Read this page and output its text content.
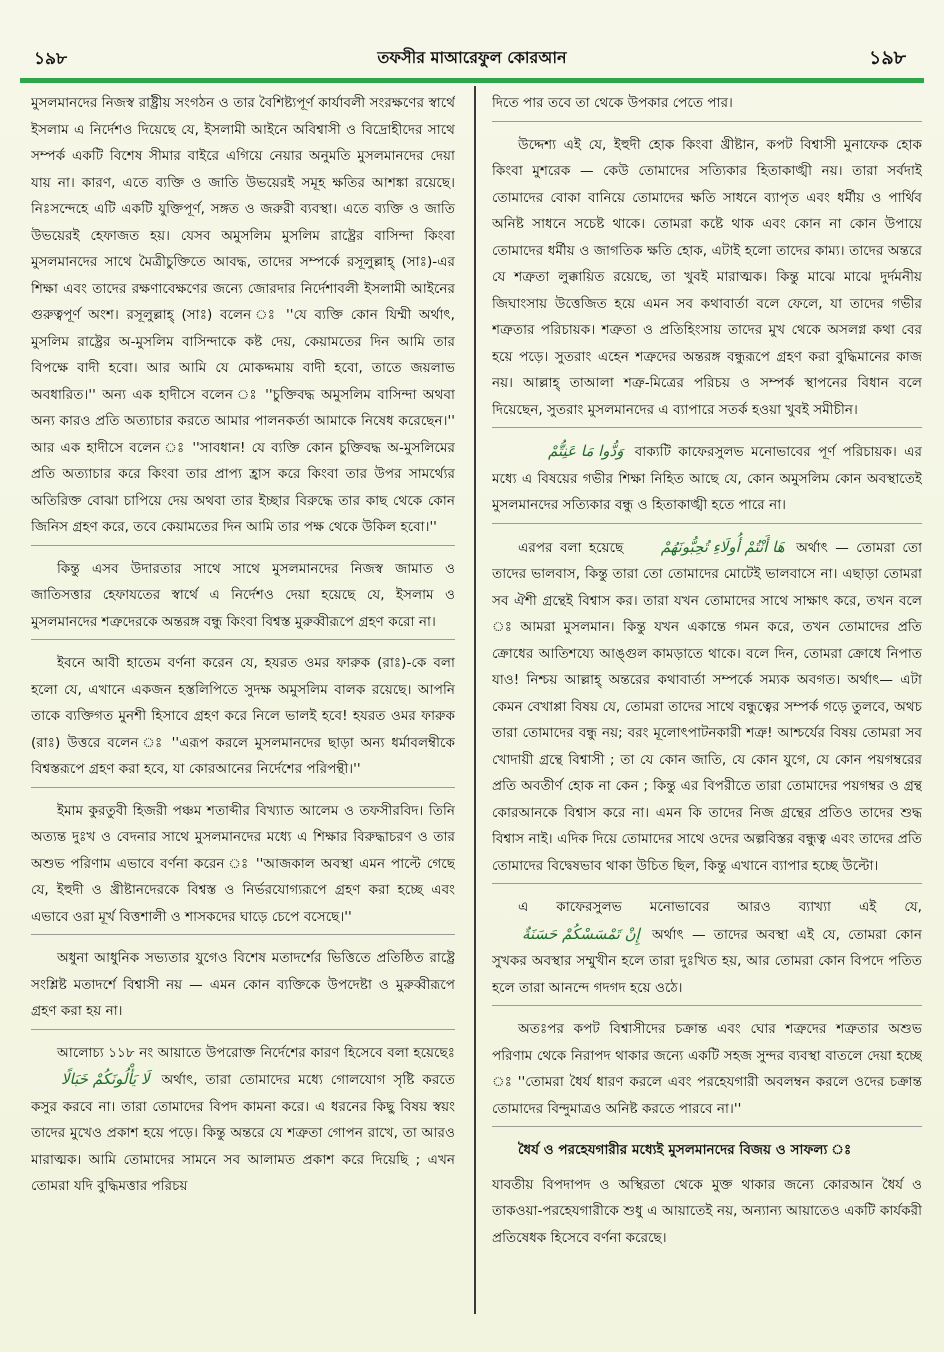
১৯৮	তফসীর মাআরেফুল কোরআন	১৯৮

মুসলমানদের নিজস্ব রাষ্ট্রীয় সংগঠন ও তার বৈশিষ্ট্যপূর্ণ কার্যাবলী সংরক্ষণের স্বার্থে ইসলাম এ নির্দেশও দিয়েছে যে, ইসলামী আইনে অবিশ্বাসী ও বিদ্রোহীদের সাথে সম্পর্ক একটি বিশেষ সীমার বাইরে এগিয়ে নেয়ার অনুমতি মুসলমানদের দেয়া যায় না। কারণ, এতে ব্যক্তি ও জাতি উভয়েরই সমূহ ক্ষতির আশঙ্কা রয়েছে। নিঃসন্দেহে এটি একটি যুক্তিপূর্ণ, সঙ্গত ও জরুরী ব্যবস্থা। এতে ব্যক্তি ও জাতি উভয়েরই হেফাজত হয়। যেসব অমুসলিম মুসলিম রাষ্ট্রের বাসিন্দা কিংবা মুসলমানদের সাথে মৈত্রীচুক্তিতে আবদ্ধ, তাদের সম্পর্কে রসূলুল্লাহ্ (সাঃ)-এর শিক্ষা এবং তাদের রক্ষণাবেক্ষণের জন্যে জোরদার নির্দেশাবলী ইসলামী আইনের গুরুত্বপূর্ণ অংশ। রসূলুল্লাহ্ (সাঃ) বলেন ঃ ''যে ব্যক্তি কোন যিম্মী অর্থাৎ, মুসলিম রাষ্ট্রের অ-মুসলিম বাসিন্দাকে কষ্ট দেয়, কেয়ামতের দিন আমি তার বিপক্ষে বাদী হবো। আর আমি যে মোকদ্দমায় বাদী হবো, তাতে জয়লাভ অবধারিত।'' অন্য এক হাদীসে বলেন ঃ ''চুক্তিবদ্ধ অমুসলিম বাসিন্দা অথবা অন্য কারও প্রতি অত্যাচার করতে আমার পালনকর্তা আমাকে নিষেধ করেছেন।'' আর এক হাদীসে বলেন ঃ ''সাবধান! যে ব্যক্তি কোন চুক্তিবদ্ধ অ-মুসলিমের প্রতি অত্যাচার করে কিংবা তার প্রাপ্য হ্রাস করে কিংবা তার উপর সামর্থ্যের অতিরিক্ত বোঝা চাপিয়ে দেয় অথবা তার ইচ্ছার বিরুদ্ধে তার কাছ থেকে কোন জিনিস গ্রহণ করে, তবে কেয়ামতের দিন আমি তার পক্ষ থেকে উকিল হবো।''

কিন্তু এসব উদারতার সাথে সাথে মুসলমানদের নিজস্ব জামাত ও জাতিসত্তার হেফাযতের স্বার্থে এ নির্দেশও দেয়া হয়েছে যে, ইসলাম ও মুসলমানদের শত্রুদেরকে অন্তরঙ্গ বন্ধু কিংবা বিশ্বস্ত মুরুব্বীরূপে গ্রহণ করো না।

ইবনে আবী হাতেম বর্ণনা করেন যে, হযরত ওমর ফারুক (রাঃ)-কে বলা হলো যে, এখানে একজন হস্তলিপিতে সুদক্ষ অমুসলিম বালক রয়েছে। আপনি তাকে ব্যক্তিগত মুনশী হিসাবে গ্রহণ করে নিলে ভালই হবে! হযরত ওমর ফারুক (রাঃ) উত্তরে বলেন ঃ ''এরূপ করলে মুসলমানদের ছাড়া অন্য ধর্মাবলম্বীকে বিশ্বস্তরূপে গ্রহণ করা হবে, যা কোরআনের নির্দেশের পরিপন্থী।''

ইমাম কুরতুবী হিজরী পঞ্চম শতাব্দীর বিখ্যাত আলেম ও তফসীরবিদ। তিনি অত্যন্ত দুঃখ ও বেদনার সাথে মুসলমানদের মধ্যে এ শিক্ষার বিরুদ্ধাচরণ ও তার অশুভ পরিণাম এভাবে বর্ণনা করেন ঃ ''আজকাল অবস্থা এমন পাল্টে গেছে যে, ইহুদী ও খ্রীষ্টানদেরকে বিশ্বস্ত ও নির্ভরযোগ্যরূপে গ্রহণ করা হচ্ছে এবং এভাবে ওরা মূর্খ বিত্তশালী ও শাসকদের ঘাড়ে চেপে বসেছে।''

অধুনা আধুনিক সভ্যতার যুগেও বিশেষ মতাদর্শের ভিত্তিতে প্রতিষ্ঠিত রাষ্ট্রে সংশ্লিষ্ট মতাদর্শে বিশ্বাসী নয় — এমন কোন ব্যক্তিকে উপদেষ্টা ও মুরুব্বীরূপে গ্রহণ করা হয় না।

আলোচ্য ১১৮ নং আয়াতে উপরোক্ত নির্দেশের কারণ হিসেবে বলা হয়েছেঃ لَا يَأْلُونَكُمْ خَبَالًا অর্থাৎ, তারা তোমাদের মধ্যে গোলযোগ সৃষ্টি করতে কসুর করবে না। তারা তোমাদের বিপদ কামনা করে। এ ধরনের কিছু বিষয় স্বয়ং তাদের মুখেও প্রকাশ হয়ে পড়ে। কিন্তু অন্তরে যে শত্রুতা গোপন রাখে, তা আরও মারাত্মক। আমি তোমাদের সামনে সব আলামত প্রকাশ করে দিয়েছি ; এখন তোমরা যদি বুদ্ধিমত্তার পরিচয়

দিতে পার তবে তা থেকে উপকার পেতে পার।

উদ্দেশ্য এই যে, ইহুদী হোক কিংবা খ্রীষ্টান, কপট বিশ্বাসী মুনাফেক হোক কিংবা মুশরেক — কেউ তোমাদের সত্যিকার হিতাকাঙ্খী নয়। তারা সর্বদাই তোমাদের বোকা বানিয়ে তোমাদের ক্ষতি সাধনে ব্যাপৃত এবং ধর্মীয় ও পার্থিব অনিষ্ট সাধনে সচেষ্ট থাকে। তোমরা কষ্টে থাক এবং কোন না কোন উপায়ে তোমাদের ধর্মীয় ও জাগতিক ক্ষতি হোক, এটাই হলো তাদের কাম্য। তাদের অন্তরে যে শত্রুতা লুক্কায়িত রয়েছে, তা খুবই মারাত্মক। কিন্তু মাঝে মাঝে দুর্দমনীয় জিঘাংসায় উত্তেজিত হয়ে এমন সব কথাবার্তা বলে ফেলে, যা তাদের গভীর শত্রুতার পরিচায়ক। শত্রুতা ও প্রতিহিংসায় তাদের মুখ থেকে অসলগ্ন কথা বের হয়ে পড়ে। সুতরাং এহেন শত্রুদের অন্তরঙ্গ বন্ধুরূপে গ্রহণ করা বুদ্ধিমানের কাজ নয়। আল্লাহ্ তাআলা শত্রু-মিত্রের পরিচয় ও সম্পর্ক স্থাপনের বিধান বলে দিয়েছেন, সুতরাং মুসলমানদের এ ব্যাপারে সতর্ক হওয়া খুবই সমীচীন।

وَدُّوا مَا عَنِتُّمْ বাক্যটি কাফেরসুলভ মনোভাবের পূর্ণ পরিচায়ক। এর মধ্যে এ বিষয়ের গভীর শিক্ষা নিহিত আছে যে, কোন অমুসলিম কোন অবস্থাতেই মুসলমানদের সত্যিকার বন্ধু ও হিতাকাঙ্খী হতে পারে না।

এরপর বলা হয়েছে هَا أَنْتُمْ أُولَاءِ تُحِبُّونَهُمْ অর্থাৎ — তোমরা তো তাদের ভালবাস, কিন্তু তারা তো তোমাদের মোটেই ভালবাসে না। এছাড়া তোমরা সব ঐশী গ্রন্থেই বিশ্বাস কর। তারা যখন তোমাদের সাথে সাক্ষাৎ করে, তখন বলে ঃ আমরা মুসলমান। কিন্তু যখন একান্তে গমন করে, তখন তোমাদের প্রতি ক্রোধের আতিশয্যে আঙ্গুল কামড়াতে থাকে। বলে দিন, তোমরা ক্রোধে নিপাত যাও! নিশ্চয় আল্লাহ্ অন্তরের কথাবার্তা সম্পর্কে সম্যক অবগত। অর্থাৎ— এটা কেমন বেখাপ্পা বিষয় যে, তোমরা তাদের সাথে বন্ধুত্বের সম্পর্ক গড়ে তুলবে, অথচ তারা তোমাদের বন্ধু নয়; বরং মূলোৎপাটনকারী শত্রু! আশ্চর্যের বিষয় তোমরা সব খোদায়ী গ্রন্থে বিশ্বাসী ; তা যে কোন জাতি, যে কোন যুগে, যে কোন পয়গম্বরের প্রতি অবতীর্ণ হোক না কেন ; কিন্তু এর বিপরীতে তারা তোমাদের পয়গম্বর ও গ্রন্থ কোরআনকে বিশ্বাস করে না। এমন কি তাদের নিজ গ্রন্থের প্রতিও তাদের শুদ্ধ বিশ্বাস নাই। এদিক দিয়ে তোমাদের সাথে ওদের অল্পবিস্তর বন্ধুত্ব এবং তাদের প্রতি তোমাদের বিদ্বেষভাব থাকা উচিত ছিল, কিন্তু এখানে ব্যাপার হচ্ছে উল্টো।

এ কাফেরসুলভ মনোভাবের আরও ব্যাখ্যা এই যে, إِنْ تَمْسَسْكُمْ حَسَنَةٌ অর্থাৎ — তাদের অবস্থা এই যে, তোমরা কোন সুখকর অবস্থার সম্মুখীন হলে তারা দুঃখিত হয়, আর তোমরা কোন বিপদে পতিত হলে তারা আনন্দে গদগদ হয়ে ওঠে।

অতঃপর কপট বিশ্বাসীদের চক্রান্ত এবং ঘোর শত্রুদের শত্রুতার অশুভ পরিণাম থেকে নিরাপদ থাকার জন্যে একটি সহজ সুন্দর ব্যবস্থা বাতলে দেয়া হচ্ছে ঃ ''তোমরা ধৈর্য ধারণ করলে এবং পরহেযগারী অবলম্বন করলে ওদের চক্রান্ত তোমাদের বিন্দুমাত্রও অনিষ্ট করতে পারবে না।''

ধৈর্য ও পরহেযগারীর মধ্যেই মুসলমানদের বিজয় ও সাফল্য ঃ

যাবতীয় বিপদাপদ ও অস্থিরতা থেকে মুক্ত থাকার জন্যে কোরআন ধৈর্য ও তাকওয়া-পরহেযগারীকে শুধু এ আয়াতেই নয়, অন্যান্য আয়াতেও একটি কার্যকরী প্রতিষেধক হিসেবে বর্ণনা করেছে।
